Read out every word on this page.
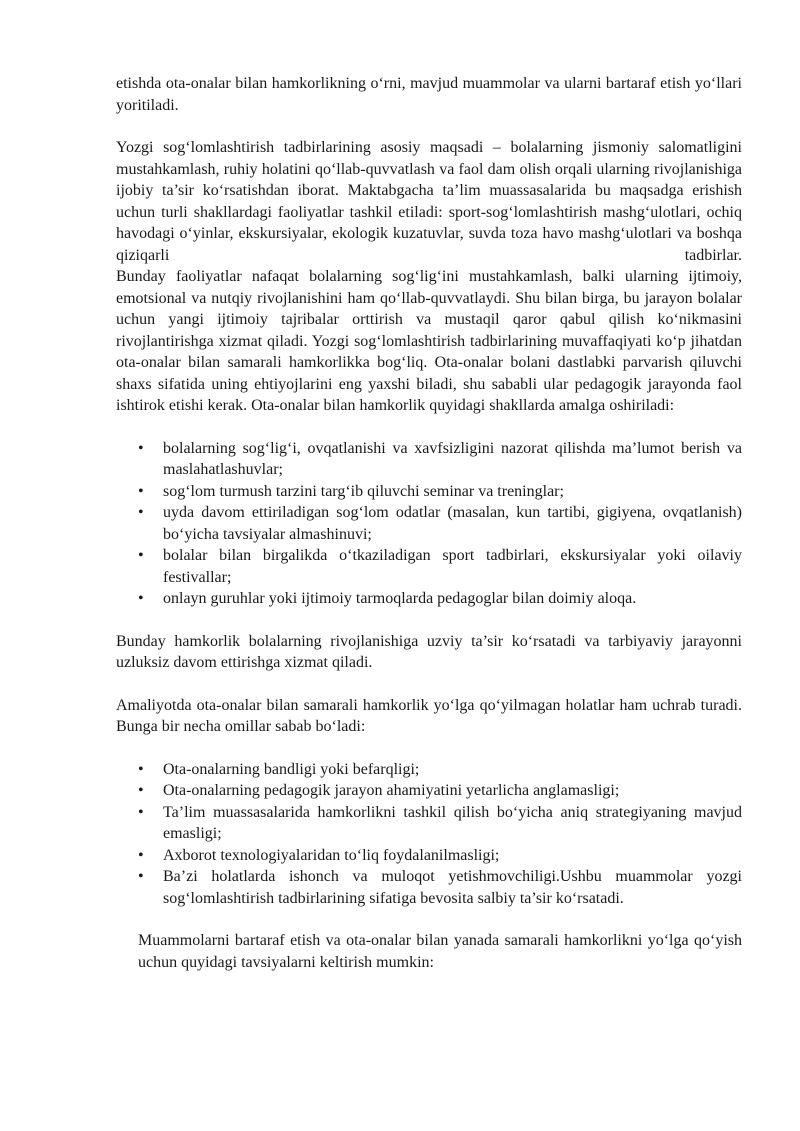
etishda ota-onalar bilan hamkorlikning o‘rni, mavjud muammolar va ularni bartaraf etish yo‘llari yoritiladi.

Yozgi sog‘lomlashtirish tadbirlarining asosiy maqsadi – bolalarning jismoniy salomatligini mustahkamlash, ruhiy holatini qo‘llab-quvvatlash va faol dam olish orqali ularning rivojlanishiga ijobiy ta’sir ko‘rsatishdan iborat. Maktabgacha ta’lim muassasalarida bu maqsadga erishish uchun turli shakllardagi faoliyatlar tashkil etiladi: sport-sog‘lomlashtirish mashg‘ulotlari, ochiq havodagi o‘yinlar, ekskursiyalar, ekologik kuzatuvlar, suvda toza havo mashg‘ulotlari va boshqa qiziqarli tadbirlar.

Bunday faoliyatlar nafaqat bolalarning sog‘lig‘ini mustahkamlash, balki ularning ijtimoiy, emotsional va nutqiy rivojlanishini ham qo‘llab-quvvatlaydi. Shu bilan birga, bu jarayon bolalar uchun yangi ijtimoiy tajribalar orttirish va mustaqil qaror qabul qilish ko‘nikmasini rivojlantirishga xizmat qiladi. Yozgi sog‘lomlashtirish tadbirlarining muvaffaqiyati ko‘p jihatdan ota-onalar bilan samarali hamkorlikka bog‘liq. Ota-onalar bolani dastlabki parvarish qiluvchi shaxs sifatida uning ehtiyojlarini eng yaxshi biladi, shu sababli ular pedagogik jarayonda faol ishtirok etishi kerak. Ota-onalar bilan hamkorlik quyidagi shakllarda amalga oshiriladi:

• bolalarning sog‘lig‘i, ovqatlanishi va xavfsizligini nazorat qilishda ma’lumot berish va maslahatlashuvlar;
• sog‘lom turmush tarzini targ‘ib qiluvchi seminar va treninglar;
• uyda davom ettiriladigan sog‘lom odatlar (masalan, kun tartibi, gigiyena, ovqatlanish) bo‘yicha tavsiyalar almashinuvi;
• bolalar bilan birgalikda o‘tkaziladigan sport tadbirlari, ekskursiyalar yoki oilaviy festivallar;
• onlayn guruhlar yoki ijtimoiy tarmoqlarda pedagoglar bilan doimiy aloqa.

Bunday hamkorlik bolalarning rivojlanishiga uzviy ta’sir ko‘rsatadi va tarbiyaviy jarayonni uzluksiz davom ettirishga xizmat qiladi.

Amaliyotda ota-onalar bilan samarali hamkorlik yo‘lga qo‘yilmagan holatlar ham uchrab turadi. Bunga bir necha omillar sabab bo‘ladi:

• Ota-onalarning bandligi yoki befarqligi;
• Ota-onalarning pedagogik jarayon ahamiyatini yetarlicha anglamasligi;
• Ta’lim muassasalarida hamkorlikni tashkil qilish bo‘yicha aniq strategiyaning mavjud emasligi;
• Axborot texnologiyalaridan to‘liq foydalanilmasligi;
• Ba’zi holatlarda ishonch va muloqot yetishmovchiligi.Ushbu muammolar yozgi sog‘lomlashtirish tadbirlarining sifatiga bevosita salbiy ta’sir ko‘rsatadi.

Muammolarni bartaraf etish va ota-onalar bilan yanada samarali hamkorlikni yo‘lga qo‘yish uchun quyidagi tavsiyalarni keltirish mumkin:
